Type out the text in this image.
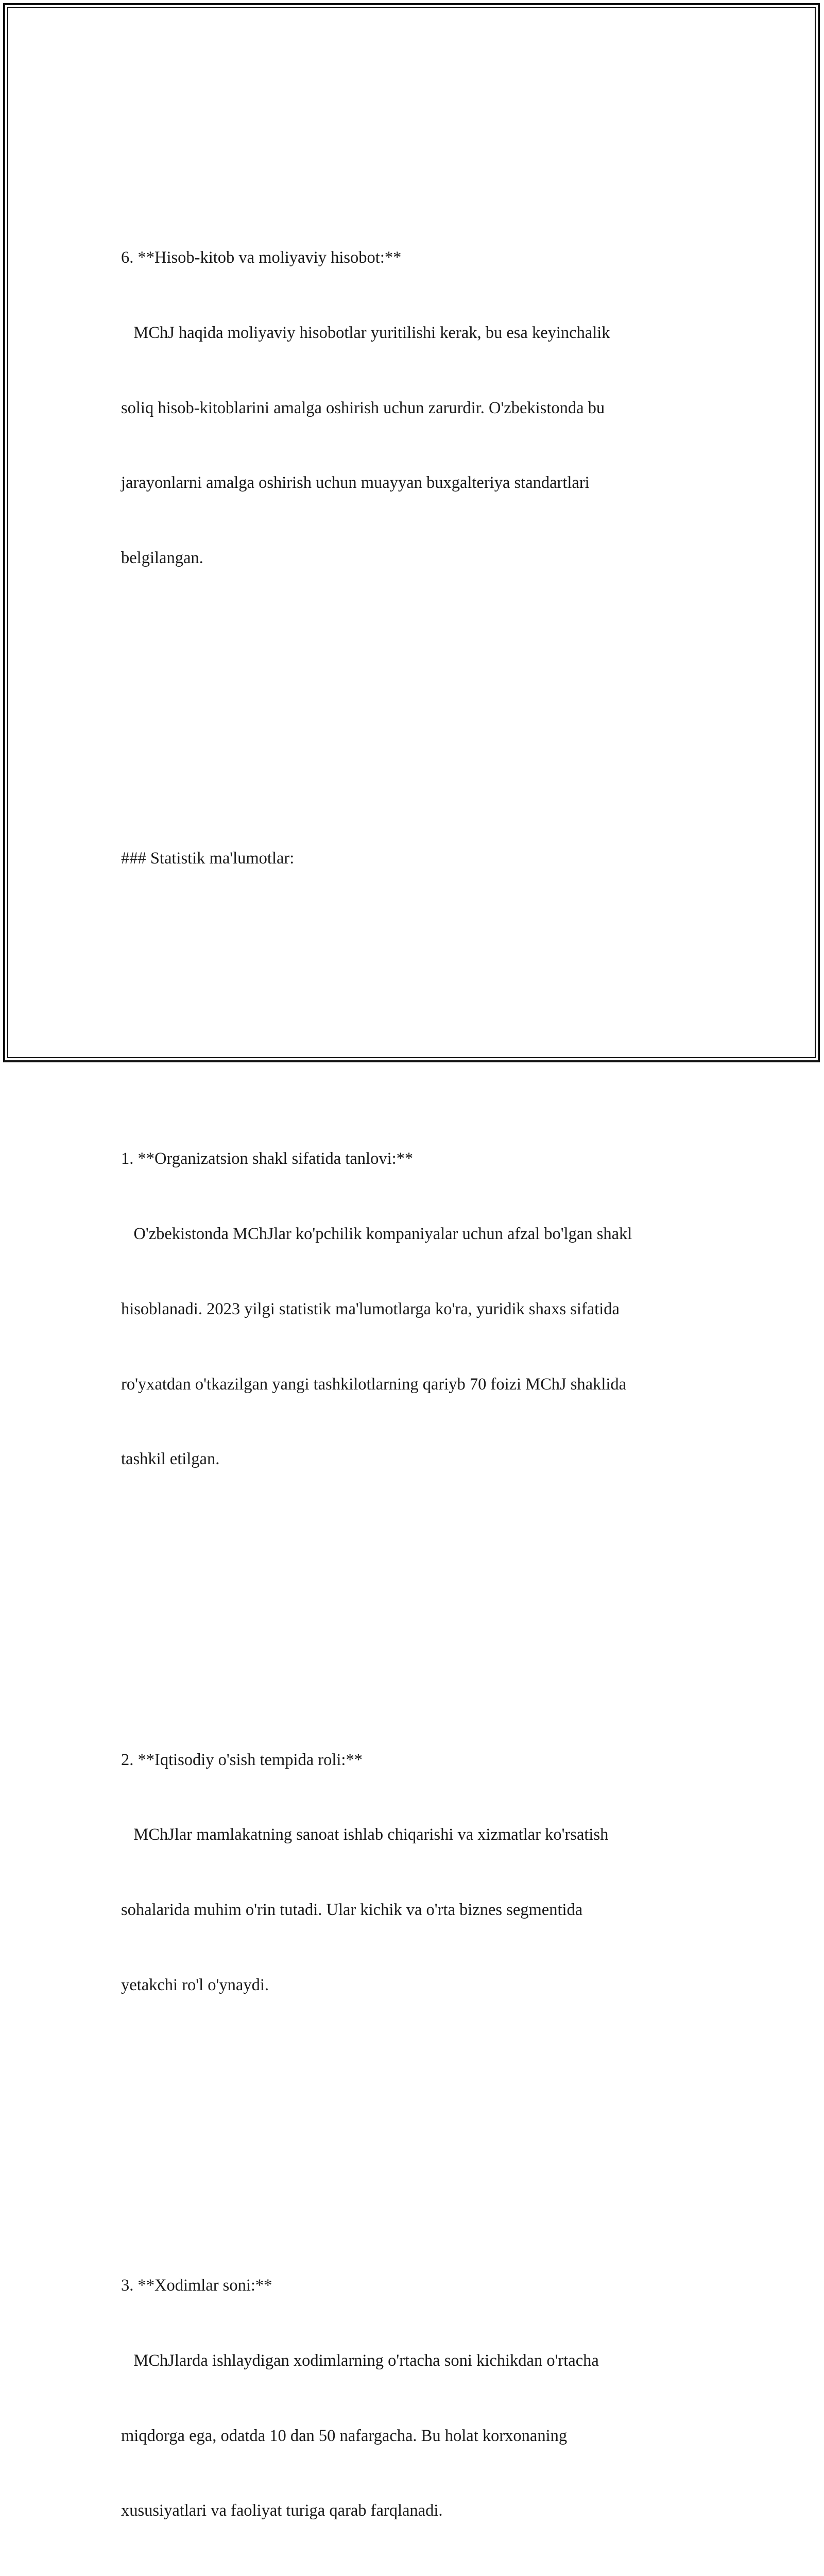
6. **Hisob-kitob va moliyaviy hisobot:**

MChJ haqida moliyaviy hisobotlar yuritilishi kerak, bu esa keyinchalik

soliq hisob-kitoblarini amalga oshirish uchun zarurdir. O'zbekistonda bu

jarayonlarni amalga oshirish uchun muayyan buxgalteriya standartlari

belgilangan.

### Statistik ma'lumotlar:

1. **Organizatsion shakl sifatida tanlovi:**

O'zbekistonda MChJlar ko'pchilik kompaniyalar uchun afzal bo'lgan shakl

hisoblanadi. 2023 yilgi statistik ma'lumotlarga ko'ra, yuridik shaxs sifatida

ro'yxatdan o'tkazilgan yangi tashkilotlarning qariyb 70 foizi MChJ shaklida

tashkil etilgan.

2. **Iqtisodiy o'sish tempida roli:**

MChJlar mamlakatning sanoat ishlab chiqarishi va xizmatlar ko'rsatish

sohalarida muhim o'rin tutadi. Ular kichik va o'rta biznes segmentida

yetakchi ro'l o'ynaydi.

3. **Xodimlar soni:**

MChJlarda ishlaydigan xodimlarning o'rtacha soni kichikdan o'rtacha

miqdorga ega, odatda 10 dan 50 nafargacha. Bu holat korxonaning

xususiyatlari va faoliyat turiga qarab farqlanadi.
